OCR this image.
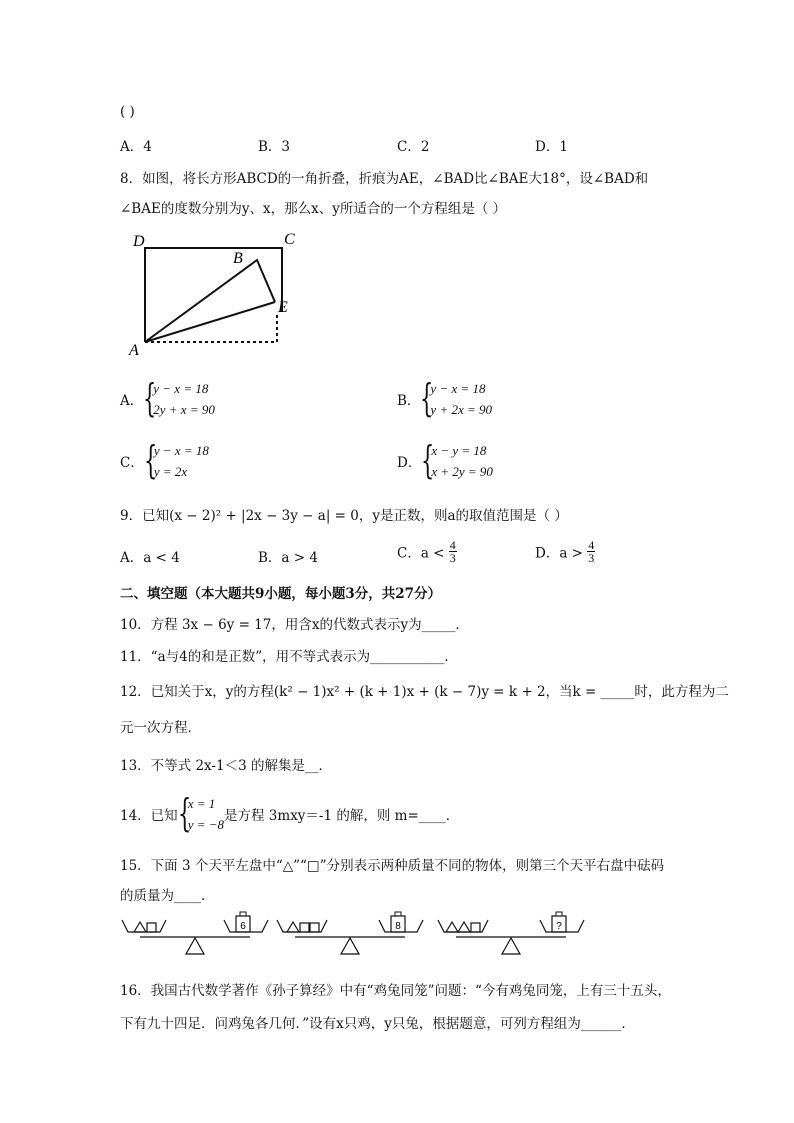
( )
A．4	B．3	C．2	D．1
8．如图，将长方形ABCD的一角折叠，折痕为AE，∠BAD比∠BAE大18°，设∠BAD和
∠BAE的度数分别为y、x，那么x、y所适合的一个方程组是（ ）
D	C
B
E
A
A． {
y − x = 18
2y + x = 90
B． {
y − x = 18
y + 2x = 90
C． {
y − x = 18
y = 2x
D． {
x − y = 18
x + 2y = 90
9．已知(x − 2)² + |2x − 3y − a| = 0，y是正数，则a的取值范围是（ ）
A．a < 4	B．a > 4	C．$a < \frac{4}{3}$	D．$a > \frac{4}{3}$
二、填空题（本大题共9小题，每小题3分，共27分）
10．方程 3x − 6y = 17，用含x的代数式表示y为_____．
11．“a与4的和是正数”，用不等式表示为___________．
12．已知关于x，y的方程(k² − 1)x² + (k + 1)x + (k − 7)y = k + 2，当k = _____时，此方程为二
元一次方程．
13．不等式 2x-1＜3 的解集是__．
14．已知 {
x = 1
y = −8
是方程 3mxy＝-1 的解，则 m=____．
15．下面 3 个天平左盘中“△”“□”分别表示两种质量不同的物体，则第三个天平右盘中砝码
的质量为____．
6	8	?
16．我国古代数学著作《孙子算经》中有“鸡兔同笼”问题：“今有鸡兔同笼，上有三十五头，
下有九十四足．问鸡兔各几何．”设有x只鸡，y只兔，根据题意，可列方程组为______．
